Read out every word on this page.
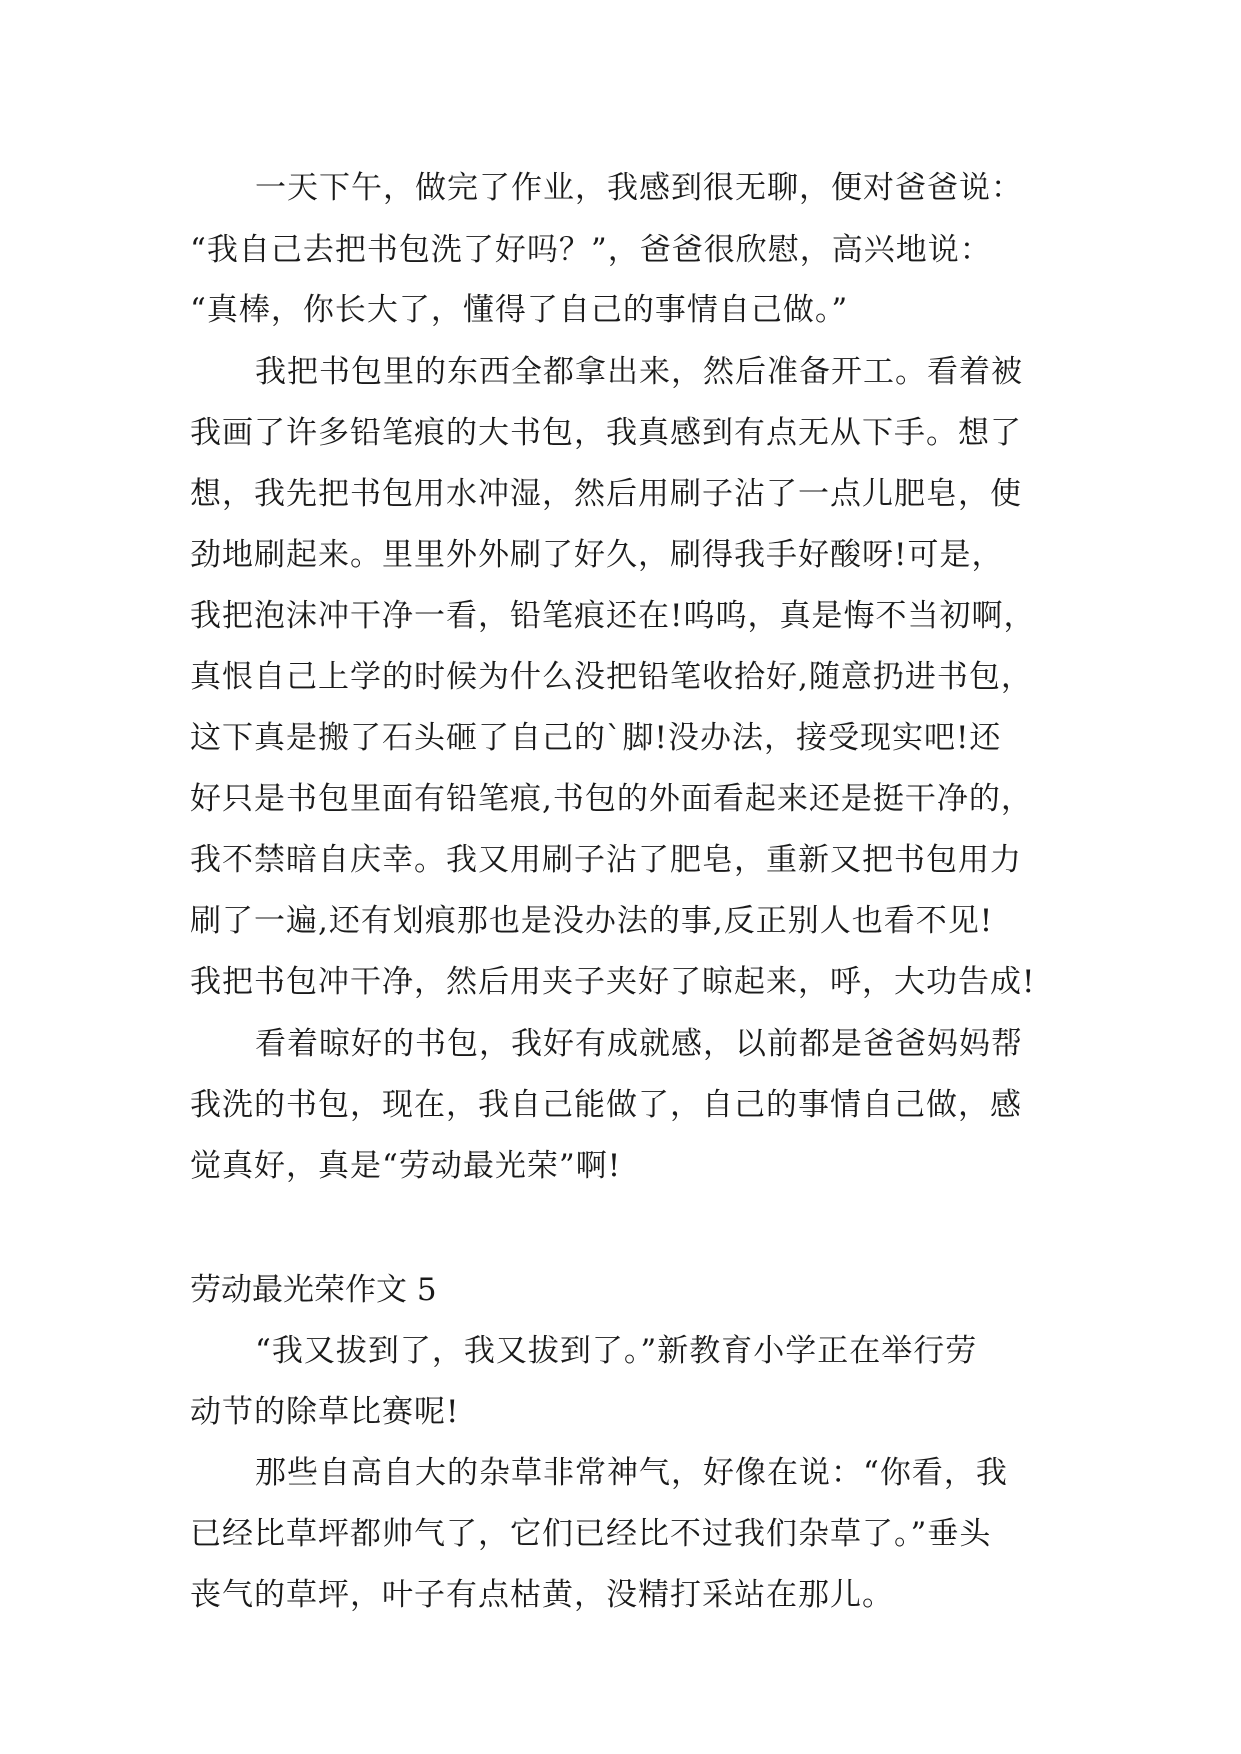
一天下午，做完了作业，我感到很无聊，便对爸爸说：
“我自己去把书包洗了好吗？”，爸爸很欣慰，高兴地说：
“真棒，你长大了，懂得了自己的事情自己做。”
我把书包里的东西全都拿出来，然后准备开工。看着被
我画了许多铅笔痕的大书包，我真感到有点无从下手。想了
想，我先把书包用水冲湿，然后用刷子沾了一点儿肥皂，使
劲地刷起来。里里外外刷了好久，刷得我手好酸呀!可是，
我把泡沫冲干净一看，铅笔痕还在!呜呜，真是悔不当初啊，
真恨自己上学的时候为什么没把铅笔收拾好,随意扔进书包，
这下真是搬了石头砸了自己的`脚!没办法，接受现实吧!还
好只是书包里面有铅笔痕,书包的外面看起来还是挺干净的，
我不禁暗自庆幸。我又用刷子沾了肥皂，重新又把书包用力
刷了一遍,还有划痕那也是没办法的事,反正别人也看不见!
我把书包冲干净，然后用夹子夹好了晾起来，呼，大功告成!
看着晾好的书包，我好有成就感，以前都是爸爸妈妈帮
我洗的书包，现在，我自己能做了，自己的事情自己做，感
觉真好，真是“劳动最光荣”啊!
劳动最光荣作文 5
“我又拔到了，我又拔到了。”新教育小学正在举行劳
动节的除草比赛呢!
那些自高自大的杂草非常神气，好像在说：“你看，我
已经比草坪都帅气了，它们已经比不过我们杂草了。”垂头
丧气的草坪，叶子有点枯黄，没精打采站在那儿。
